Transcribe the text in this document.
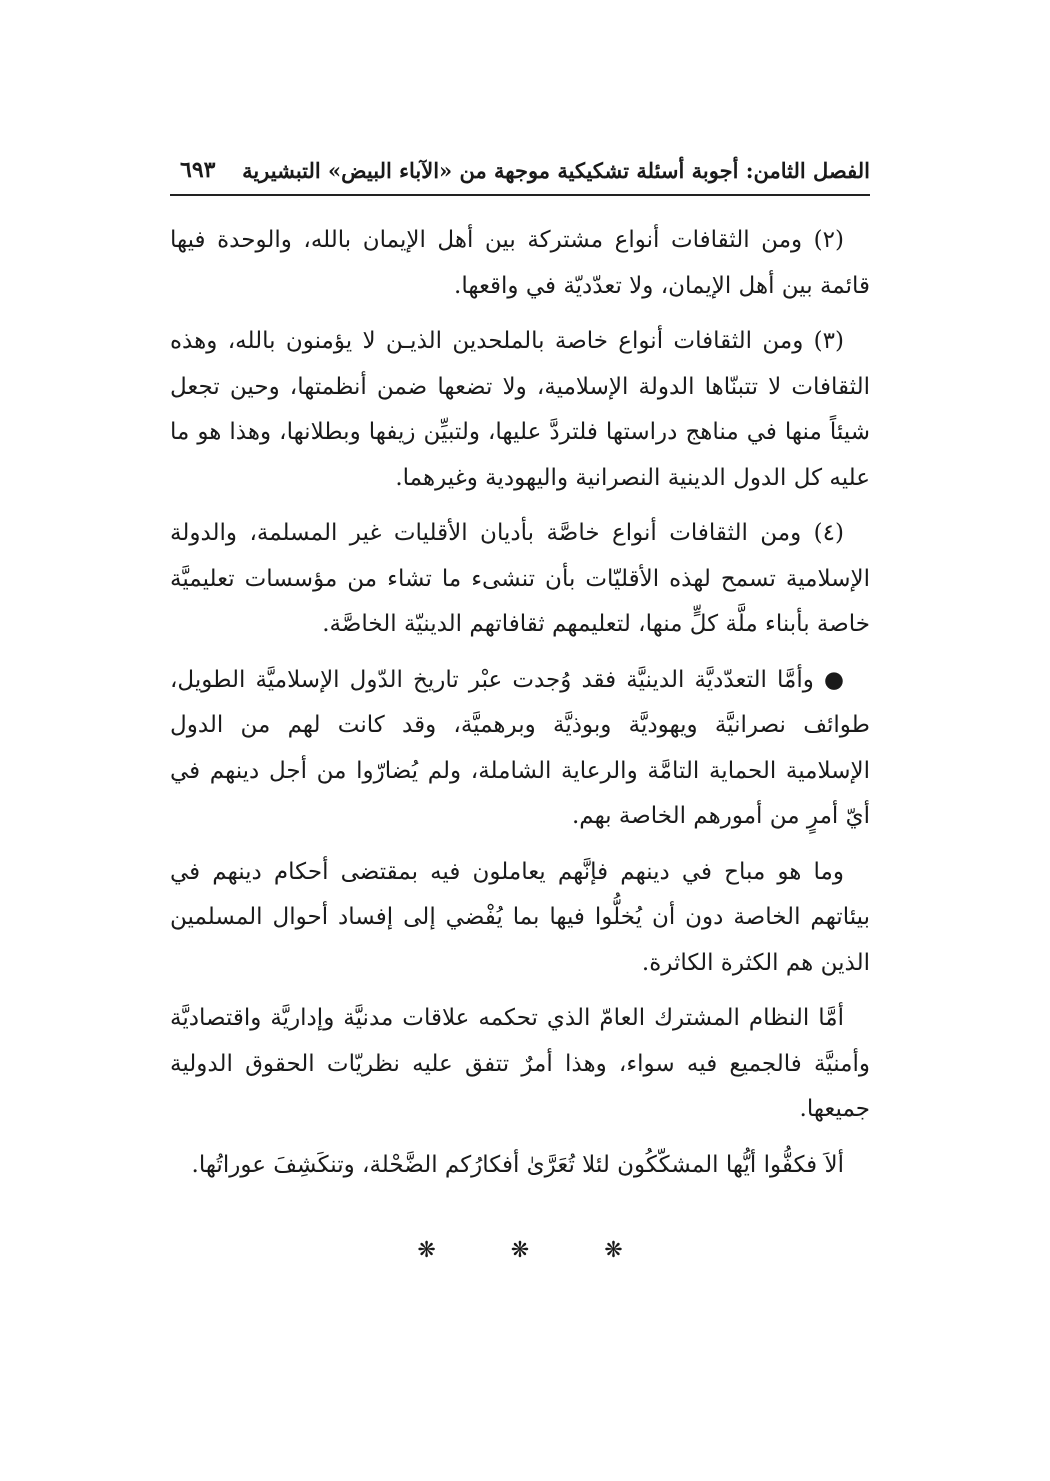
الفصل الثامن: أجوبة أسئلة تشكيكية موجهة من «الآباء البيض» التبشيرية
٦٩٣

(٢) ومن الثقافات أنواع مشتركة بين أهل الإيمان بالله، والوحدة فيها قائمة بين أهل الإيمان، ولا تعدّديّة في واقعها.

(٣) ومن الثقافات أنواع خاصة بالملحدين الذيـن لا يؤمنون بالله، وهذه الثقافات لا تتبنّاها الدولة الإسلامية، ولا تضعها ضمن أنظمتها، وحين تجعل شيئاً منها في مناهج دراستها فلتردَّ عليها، ولتبيِّن زيفها وبطلانها، وهذا هو ما عليه كل الدول الدينية النصرانية واليهودية وغيرهما.

(٤) ومن الثقافات أنواع خاصَّة بأديان الأقليات غير المسلمة، والدولة الإسلامية تسمح لهذه الأقليّات بأن تنشىء ما تشاء من مؤسسات تعليميَّة خاصة بأبناء ملَّة كلٍّ منها، لتعليمهم ثقافاتهم الدينيّة الخاصَّة.

● وأمَّا التعدّديَّة الدينيَّة فقد وُجدت عبْر تاريخ الدّول الإسلاميَّة الطويل، طوائف نصرانيَّة ويهوديَّة وبوذيَّة وبرهميَّة، وقد كانت لهم من الدول الإسلامية الحماية التامَّة والرعاية الشاملة، ولم يُضارّوا من أجل دينهم في أيّ أمرٍ من أمورهم الخاصة بهم.

وما هو مباح في دينهم فإنَّهم يعاملون فيه بمقتضى أحكام دينهم في بيئاتهم الخاصة دون أن يُخلُّوا فيها بما يُفْضي إلى إفساد أحوال المسلمين الذين هم الكثرة الكاثرة.

أمَّا النظام المشترك العامّ الذي تحكمه علاقات مدنيَّة وإداريَّة واقتصاديَّة وأمنيَّة فالجميع فيه سواء، وهذا أمرٌ تتفق عليه نظريّات الحقوق الدولية جميعها.

ألاَ فكفُّوا أيُّها المشكّكُون لئلا تُعَرَّىٰ أفكارُكم الضَّحْلة، وتنكَشِفَ عوراتُها.

❋ ❋ ❋
